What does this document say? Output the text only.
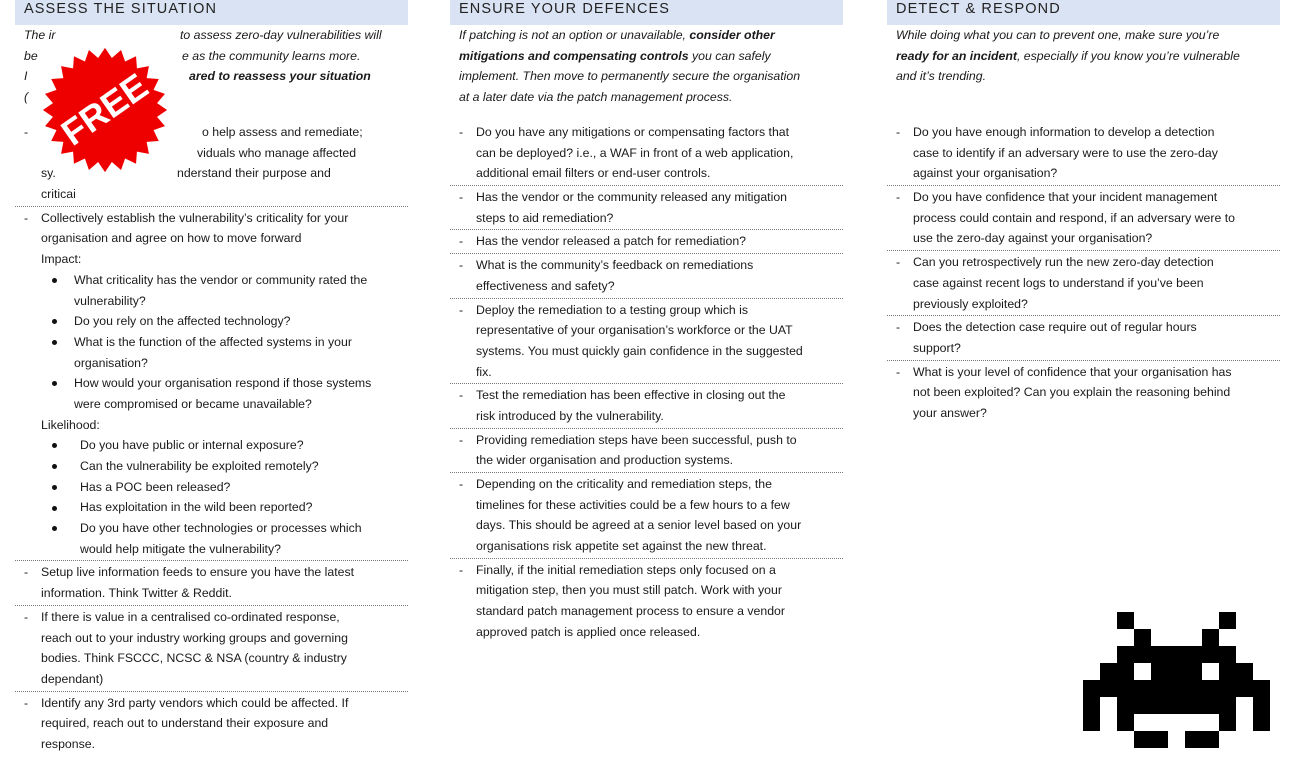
ASSESS THE SITUATION
The ir	to assess zero-day vulnerabilities will
be	e as the community learns more.
I	ared to reassess your situation
(
-	o help assess and remediate;
viduals who manage affected
sy.	nderstand their purpose and
criticai
-	Collectively establish the vulnerability’s criticality for your
organisation and agree on how to move forward
Impact:
What criticality has the vendor or community rated the
vulnerability?
Do you rely on the affected technology?
What is the function of the affected systems in your
organisation?
How would your organisation respond if those systems
were compromised or became unavailable?
Likelihood:
Do you have public or internal exposure?
Can the vulnerability be exploited remotely?
Has a POC been released?
Has exploitation in the wild been reported?
Do you have other technologies or processes which
would help mitigate the vulnerability?
-	Setup live information feeds to ensure you have the latest
information. Think Twitter & Reddit.
-	If there is value in a centralised co-ordinated response,
reach out to your industry working groups and governing
bodies. Think FSCCC, NCSC & NSA (country & industry
dependant)
-	Identify any 3rd party vendors which could be affected. If
required, reach out to understand their exposure and
response.
ENSURE YOUR DEFENCES
If patching is not an option or unavailable, consider other
mitigations and compensating controls you can safely
implement. Then move to permanently secure the organisation
at a later date via the patch management process.
-	Do you have any mitigations or compensating factors that
can be deployed? i.e., a WAF in front of a web application,
additional email filters or end-user controls.
-	Has the vendor or the community released any mitigation
steps to aid remediation?
-	Has the vendor released a patch for remediation?
-	What is the community’s feedback on remediations
effectiveness and safety?
-	Deploy the remediation to a testing group which is
representative of your organisation’s workforce or the UAT
systems. You must quickly gain confidence in the suggested
fix.
-	Test the remediation has been effective in closing out the
risk introduced by the vulnerability.
-	Providing remediation steps have been successful, push to
the wider organisation and production systems.
-	Depending on the criticality and remediation steps, the
timelines for these activities could be a few hours to a few
days. This should be agreed at a senior level based on your
organisations risk appetite set against the new threat.
-	Finally, if the initial remediation steps only focused on a
mitigation step, then you must still patch. Work with your
standard patch management process to ensure a vendor
approved patch is applied once released.
DETECT & RESPOND
While doing what you can to prevent one, make sure you’re
ready for an incident, especially if you know you’re vulnerable
and it’s trending.
-	Do you have enough information to develop a detection
case to identify if an adversary were to use the zero-day
against your organisation?
-	Do you have confidence that your incident management
process could contain and respond, if an adversary were to
use the zero-day against your organisation?
-	Can you retrospectively run the new zero-day detection
case against recent logs to understand if you’ve been
previously exploited?
-	Does the detection case require out of regular hours
support?
-	What is your level of confidence that your organisation has
not been exploited? Can you explain the reasoning behind
your answer?
FREE
